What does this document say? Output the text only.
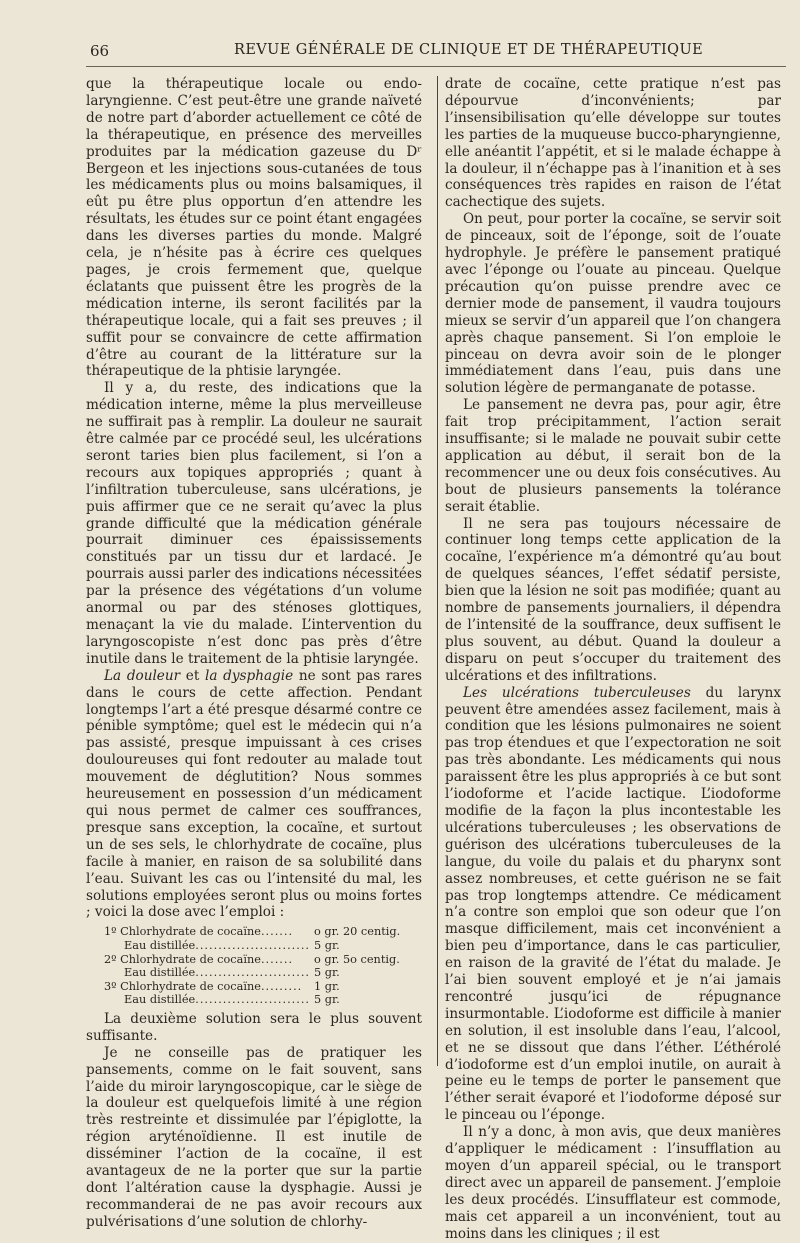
66	REVUE GÉNÉRALE DE CLINIQUE ET DE THÉRAPEUTIQUE

que la thérapeutique locale ou endo-laryngienne. C’est peut-être une grande naïveté de notre part d’aborder actuellement ce côté de la thérapeutique, en présence des merveilles produites par la médication gazeuse du Dʳ Bergeon et les injections sous-cutanées de tous les médicaments plus ou moins balsamiques, il eût pu être plus opportun d’en attendre les résultats, les études sur ce point étant engagées dans les diverses parties du monde. Malgré cela, je n’hésite pas à écrire ces quelques pages, je crois fermement que, quelque éclatants que puissent être les progrès de la médication interne, ils seront facilités par la thérapeutique locale, qui a fait ses preuves ; il suffit pour se convaincre de cette affirmation d’être au courant de la littérature sur la thérapeutique de la phtisie laryngée.

Il y a, du reste, des indications que la médication interne, même la plus merveilleuse ne suffirait pas à remplir. La douleur ne saurait être calmée par ce procédé seul, les ulcérations seront taries bien plus facilement, si l’on a recours aux topiques appropriés ; quant à l’infiltration tuberculeuse, sans ulcérations, je puis affirmer que ce ne serait qu’avec la plus grande difficulté que la médication générale pourrait diminuer ces épaississements constitués par un tissu dur et lardacé. Je pourrais aussi parler des indications nécessitées par la présence des végétations d’un volume anormal ou par des sténoses glottiques, menaçant la vie du malade. L’intervention du laryngoscopiste n’est donc pas près d’être inutile dans le traitement de la phtisie laryngée.

La douleur et la dysphagie ne sont pas rares dans le cours de cette affection. Pendant longtemps l’art a été presque désarmé contre ce pénible symptôme; quel est le médecin qui n’a pas assisté, presque impuissant à ces crises douloureuses qui font redouter au malade tout mouvement de déglutition? Nous sommes heureusement en possession d’un médicament qui nous permet de calmer ces souffrances, presque sans exception, la cocaïne, et surtout un de ses sels, le chlorhydrate de cocaïne, plus facile à manier, en raison de sa solubilité dans l’eau. Suivant les cas ou l’intensité du mal, les solutions employées seront plus ou moins fortes ; voici la dose avec l’emploi :

1º Chlorhydrate de cocaïne.......	o gr. 20 centig.
Eau distillée......................... 5 gr.
2º Chlorhydrate de cocaïne.......	o gr. 5o centig.
Eau distillée......................... 5 gr.
3º Chlorhydrate de cocaïne.........	1 gr.
Eau distillée......................... 5 gr.

La deuxième solution sera le plus souvent suffisante.

Je ne conseille pas de pratiquer les pansements, comme on le fait souvent, sans l’aide du miroir laryngoscopique, car le siège de la douleur est quelquefois limité à une région très restreinte et dissimulée par l’épiglotte, la région aryténoïdienne. Il est inutile de disséminer l’action de la cocaïne, il est avantageux de ne la porter que sur la partie dont l’altération cause la dysphagie. Aussi je recommanderai de ne pas avoir recours aux pulvérisations d’une solution de chlorhy-

drate de cocaïne, cette pratique n’est pas dépourvue d’inconvénients; par l’insensibilisation qu’elle développe sur toutes les parties de la muqueuse bucco-pharyngienne, elle anéantit l’appétit, et si le malade échappe à la douleur, il n’échappe pas à l’inanition et à ses conséquences très rapides en raison de l’état cachectique des sujets.

On peut, pour porter la cocaïne, se servir soit de pinceaux, soit de l’éponge, soit de l’ouate hydrophyle. Je préfère le pansement pratiqué avec l’éponge ou l’ouate au pinceau. Quelque précaution qu’on puisse prendre avec ce dernier mode de pansement, il vaudra toujours mieux se servir d’un appareil que l’on changera après chaque pansement. Si l’on emploie le pinceau on devra avoir soin de le plonger immédiatement dans l’eau, puis dans une solution légère de permanganate de potasse.

Le pansement ne devra pas, pour agir, être fait trop précipitamment, l’action serait insuffisante; si le malade ne pouvait subir cette application au début, il serait bon de la recommencer une ou deux fois consécutives. Au bout de plusieurs pansements la tolérance serait établie.

Il ne sera pas toujours nécessaire de continuer long temps cette application de la cocaïne, l’expérience m’a démontré qu’au bout de quelques séances, l’effet sédatif persiste, bien que la lésion ne soit pas modifiée; quant au nombre de pansements journaliers, il dépendra de l’intensité de la souffrance, deux suffisent le plus souvent, au début. Quand la douleur a disparu on peut s’occuper du traitement des ulcérations et des infiltrations.

Les ulcérations tuberculeuses du larynx peuvent être amendées assez facilement, mais à condition que les lésions pulmonaires ne soient pas trop étendues et que l’expectoration ne soit pas très abondante. Les médicaments qui nous paraissent être les plus appropriés à ce but sont l’iodoforme et l’acide lactique. L’iodoforme modifie de la façon la plus incontestable les ulcérations tuberculeuses ; les observations de guérison des ulcérations tuberculeuses de la langue, du voile du palais et du pharynx sont assez nombreuses, et cette guérison ne se fait pas trop longtemps attendre. Ce médicament n’a contre son emploi que son odeur que l’on masque difficilement, mais cet inconvénient a bien peu d’importance, dans le cas particulier, en raison de la gravité de l’état du malade. Je l’ai bien souvent employé et je n’ai jamais rencontré jusqu’ici de répugnance insurmontable. L’iodoforme est difficile à manier en solution, il est insoluble dans l’eau, l’alcool, et ne se dissout que dans l’éther. L’éthérolé d’iodoforme est d’un emploi inutile, on aurait à peine eu le temps de porter le pansement que l’éther serait évaporé et l’iodoforme déposé sur le pinceau ou l’éponge.

Il n’y a donc, à mon avis, que deux manières d’appliquer le médicament : l’insufflation au moyen d’un appareil spécial, ou le transport direct avec un appareil de pansement. J’emploie les deux procédés. L’insufflateur est commode, mais cet appareil a un inconvénient, tout au moins dans les cliniques ; il est
